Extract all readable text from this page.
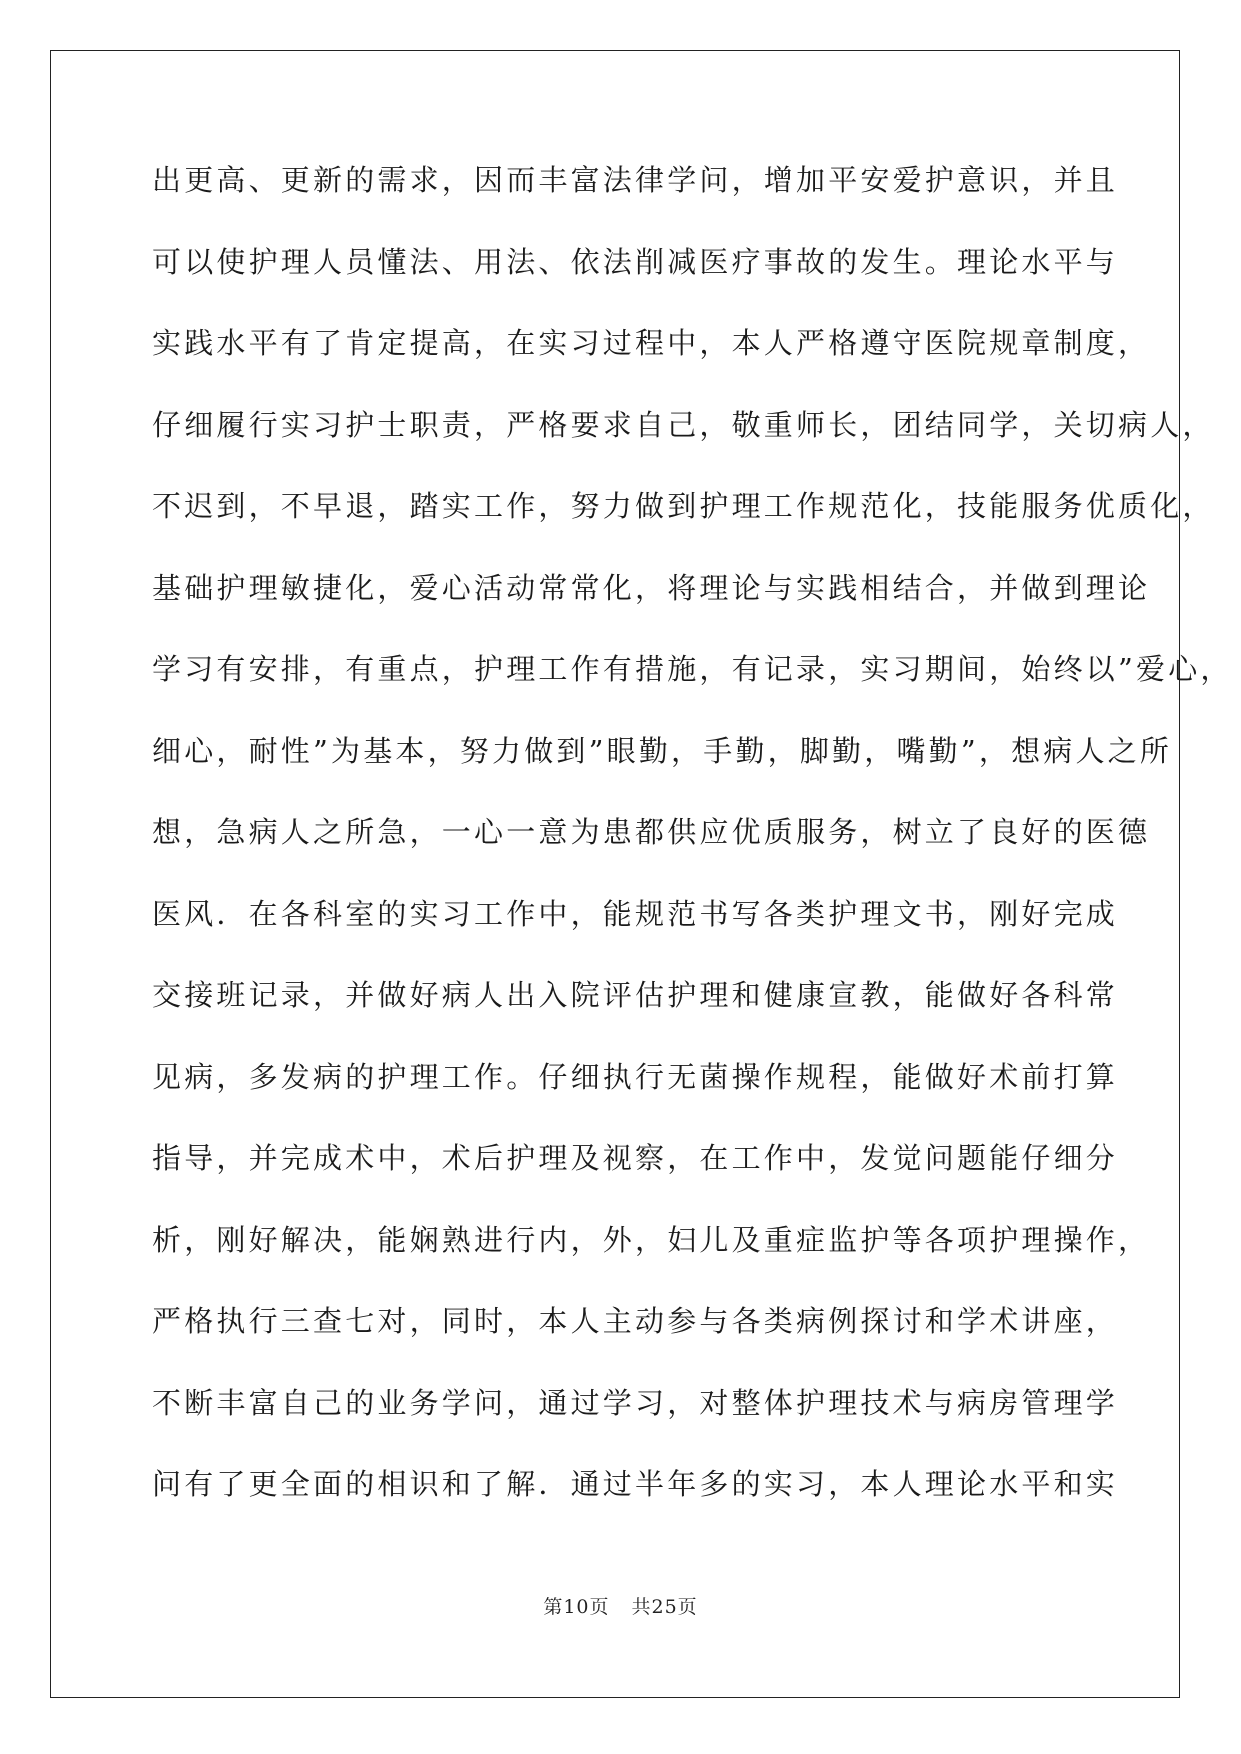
出更高、更新的需求，因而丰富法律学问，增加平安爱护意识，并且
可以使护理人员懂法、用法、依法削减医疗事故的发生。理论水平与
实践水平有了肯定提高，在实习过程中，本人严格遵守医院规章制度，
仔细履行实习护士职责，严格要求自己，敬重师长，团结同学，关切病人，
不迟到，不早退，踏实工作，努力做到护理工作规范化，技能服务优质化，
基础护理敏捷化，爱心活动常常化，将理论与实践相结合，并做到理论
学习有安排，有重点，护理工作有措施，有记录，实习期间，始终以”爱心，
细心，耐性”为基本，努力做到”眼勤，手勤，脚勤，嘴勤”，想病人之所
想，急病人之所急，一心一意为患都供应优质服务，树立了良好的医德
医风．在各科室的实习工作中，能规范书写各类护理文书，刚好完成
交接班记录，并做好病人出入院评估护理和健康宣教，能做好各科常
见病，多发病的护理工作。仔细执行无菌操作规程，能做好术前打算
指导，并完成术中，术后护理及视察，在工作中，发觉问题能仔细分
析，刚好解决，能娴熟进行内，外，妇儿及重症监护等各项护理操作，
严格执行三查七对，同时，本人主动参与各类病例探讨和学术讲座，
不断丰富自己的业务学问，通过学习，对整体护理技术与病房管理学
问有了更全面的相识和了解．通过半年多的实习，本人理论水平和实
第10页 共25页
